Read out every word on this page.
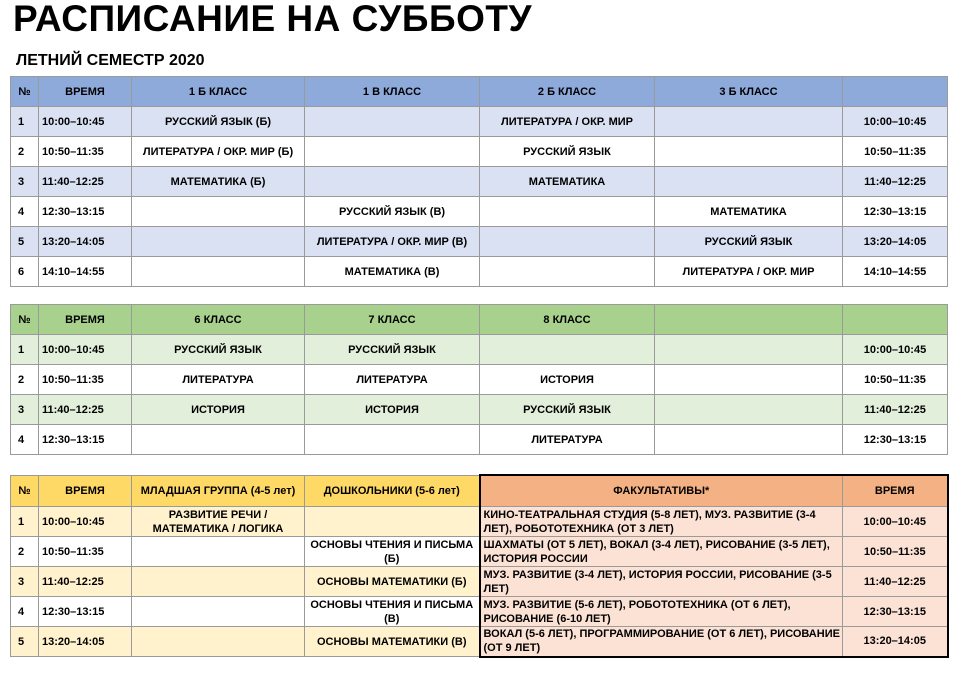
РАСПИСАНИЕ НА СУББОТУ
ЛЕТНИЙ СЕМЕСТР 2020
№	ВРЕМЯ	1 Б КЛАСС	1 В КЛАСС	2 Б КЛАСС	3 Б КЛАСС	
1	10:00–10:45	РУССКИЙ ЯЗЫК (Б)		ЛИТЕРАТУРА / ОКР. МИР		10:00–10:45
2	10:50–11:35	ЛИТЕРАТУРА / ОКР. МИР (Б)		РУССКИЙ ЯЗЫК		10:50–11:35
3	11:40–12:25	МАТЕМАТИКА (Б)		МАТЕМАТИКА		11:40–12:25
4	12:30–13:15		РУССКИЙ ЯЗЫК (В)		МАТЕМАТИКА	12:30–13:15
5	13:20–14:05		ЛИТЕРАТУРА / ОКР. МИР (В)		РУССКИЙ ЯЗЫК	13:20–14:05
6	14:10–14:55		МАТЕМАТИКА (В)		ЛИТЕРАТУРА / ОКР. МИР	14:10–14:55
№	ВРЕМЯ	6 КЛАСС	7 КЛАСС	8 КЛАСС		
1	10:00–10:45	РУССКИЙ ЯЗЫК	РУССКИЙ ЯЗЫК			10:00–10:45
2	10:50–11:35	ЛИТЕРАТУРА	ЛИТЕРАТУРА	ИСТОРИЯ		10:50–11:35
3	11:40–12:25	ИСТОРИЯ	ИСТОРИЯ	РУССКИЙ ЯЗЫК		11:40–12:25
4	12:30–13:15			ЛИТЕРАТУРА		12:30–13:15
№	ВРЕМЯ	МЛАДШАЯ ГРУППА (4-5 лет)	ДОШКОЛЬНИКИ (5-6 лет)	ФАКУЛЬТАТИВЫ*	ВРЕМЯ
1	10:00–10:45	РАЗВИТИЕ РЕЧИ / МАТЕМАТИКА / ЛОГИКА		КИНО-ТЕАТРАЛЬНАЯ СТУДИЯ (5-8 ЛЕТ), МУЗ. РАЗВИТИЕ (3-4 ЛЕТ), РОБОТОТЕХНИКА (ОТ 3 ЛЕТ)	10:00–10:45
2	10:50–11:35		ОСНОВЫ ЧТЕНИЯ И ПИСЬМА (Б)	ШАХМАТЫ (ОТ 5 ЛЕТ), ВОКАЛ (3-4 ЛЕТ), РИСОВАНИЕ (3-5 ЛЕТ), ИСТОРИЯ РОССИИ	10:50–11:35
3	11:40–12:25		ОСНОВЫ МАТЕМАТИКИ (Б)	МУЗ. РАЗВИТИЕ (3-4 ЛЕТ), ИСТОРИЯ РОССИИ, РИСОВАНИЕ (3-5 ЛЕТ)	11:40–12:25
4	12:30–13:15		ОСНОВЫ ЧТЕНИЯ И ПИСЬМА (В)	МУЗ. РАЗВИТИЕ (5-6 ЛЕТ), РОБОТОТЕХНИКА (ОТ 6 ЛЕТ), РИСОВАНИЕ (6-10 ЛЕТ)	12:30–13:15
5	13:20–14:05		ОСНОВЫ МАТЕМАТИКИ (В)	ВОКАЛ (5-6 ЛЕТ), ПРОГРАММИРОВАНИЕ (ОТ 6 ЛЕТ), РИСОВАНИЕ (ОТ 9 ЛЕТ)	13:20–14:05
